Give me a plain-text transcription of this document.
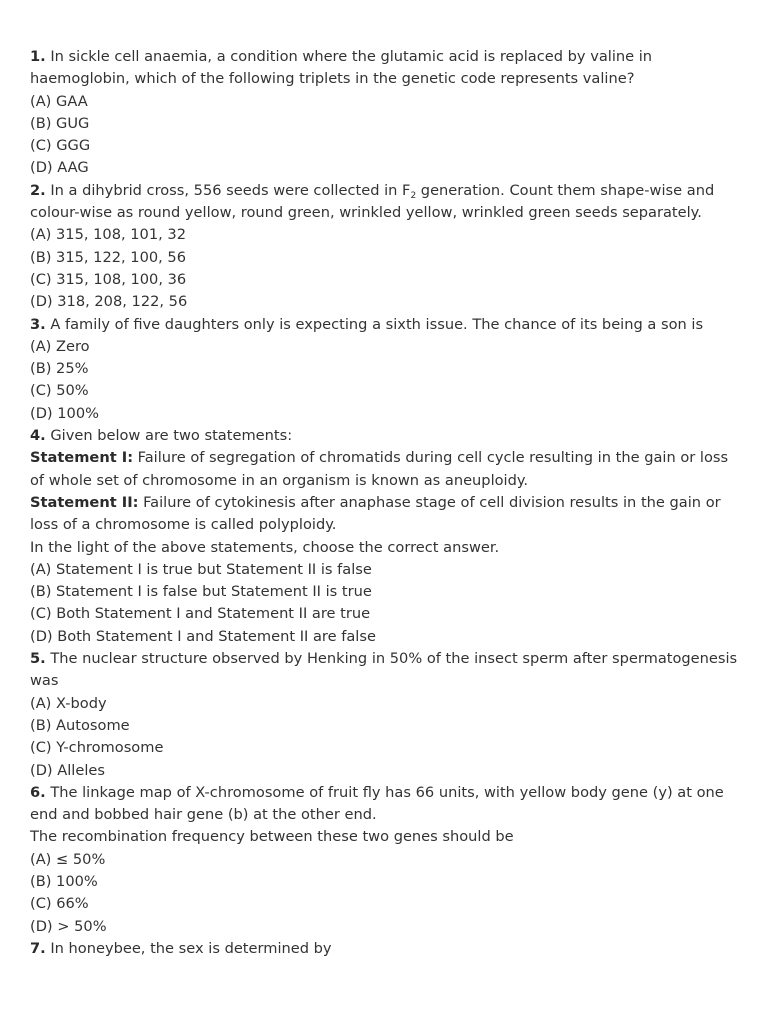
1. In sickle cell anaemia, a condition where the glutamic acid is replaced by valine in haemoglobin, which of the following triplets in the genetic code represents valine?
(A) GAA
(B) GUG
(C) GGG
(D) AAG
2. In a dihybrid cross, 556 seeds were collected in $F_2$ generation. Count them shape-wise and colour-wise as round yellow, round green, wrinkled yellow, wrinkled green seeds separately.
(A) 315, 108, 101, 32
(B) 315, 122, 100, 56
(C) 315, 108, 100, 36
(D) 318, 208, 122, 56
3. A family of five daughters only is expecting a sixth issue. The chance of its being a son is
(A) Zero
(B) 25%
(C) 50%
(D) 100%
4. Given below are two statements:
Statement I: Failure of segregation of chromatids during cell cycle resulting in the gain or loss of whole set of chromosome in an organism is known as aneuploidy.
Statement II: Failure of cytokinesis after anaphase stage of cell division results in the gain or loss of a chromosome is called polyploidy.
In the light of the above statements, choose the correct answer.
(A) Statement I is true but Statement II is false
(B) Statement I is false but Statement II is true
(C) Both Statement I and Statement II are true
(D) Both Statement I and Statement II are false
5. The nuclear structure observed by Henking in 50% of the insect sperm after spermatogenesis was
(A) X-body
(B) Autosome
(C) Y-chromosome
(D) Alleles
6. The linkage map of X-chromosome of fruit fly has 66 units, with yellow body gene (y) at one end and bobbed hair gene (b) at the other end.
The recombination frequency between these two genes should be
(A) ≤ 50%
(B) 100%
(C) 66%
(D) > 50%
7. In honeybee, the sex is determined by
